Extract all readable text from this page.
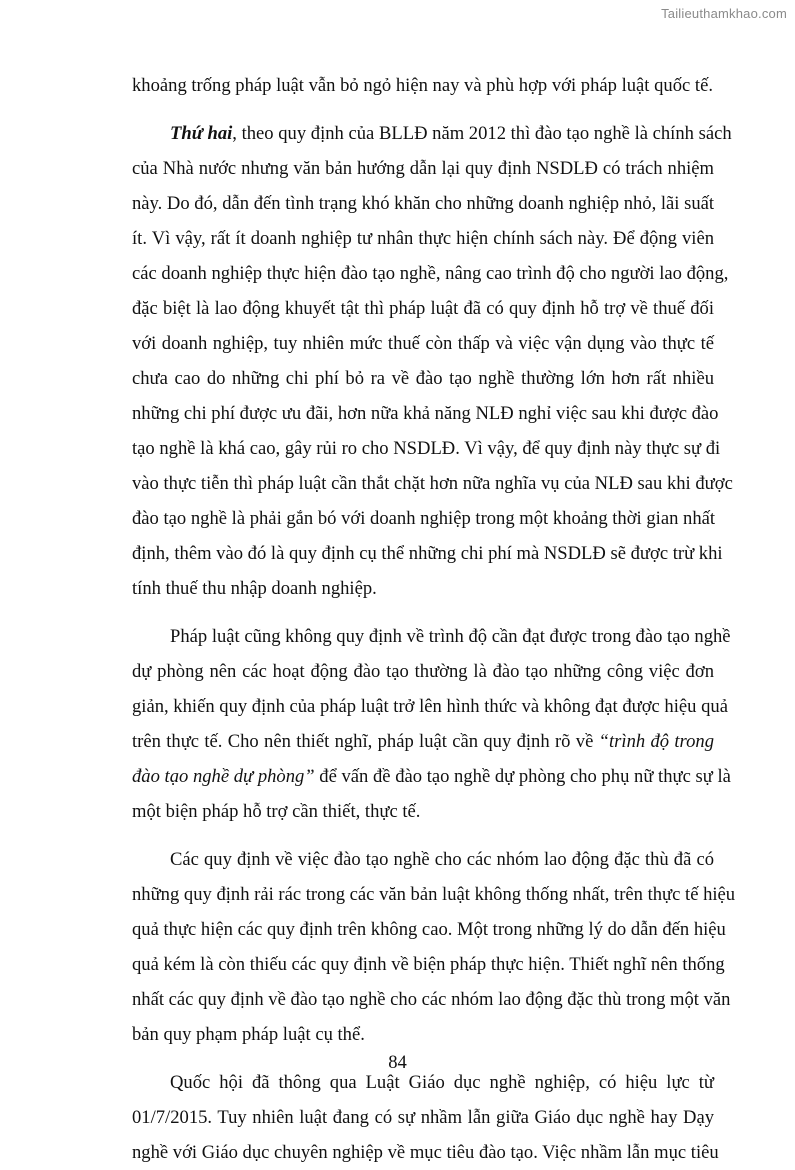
Tailieuthamkhao.com
khoảng trống pháp luật vẫn bỏ ngỏ hiện nay và phù hợp với pháp luật quốc tế.
Thứ hai, theo quy định của BLLĐ năm 2012 thì đào tạo nghề là chính sách
của Nhà nước nhưng văn bản hướng dẫn lại quy định NSDLĐ có trách nhiệm
này. Do đó, dẫn đến tình trạng khó khăn cho những doanh nghiệp nhỏ, lãi suất
ít. Vì vậy, rất ít doanh nghiệp tư nhân thực hiện chính sách này. Để động viên
các doanh nghiệp thực hiện đào tạo nghề, nâng cao trình độ cho người lao động,
đặc biệt là lao động khuyết tật thì pháp luật đã có quy định hỗ trợ về thuế đối
với doanh nghiệp, tuy nhiên mức thuế còn thấp và việc vận dụng vào thực tế
chưa cao do những chi phí bỏ ra về đào tạo nghề thường lớn hơn rất nhiều
những chi phí được ưu đãi, hơn nữa khả năng NLĐ nghỉ việc sau khi được đào
tạo nghề là khá cao, gây rủi ro cho NSDLĐ. Vì vậy, để quy định này thực sự đi
vào thực tiễn thì pháp luật cần thắt chặt hơn nữa nghĩa vụ của NLĐ sau khi được
đào tạo nghề là phải gắn bó với doanh nghiệp trong một khoảng thời gian nhất
định, thêm vào đó là quy định cụ thể những chi phí mà NSDLĐ sẽ được trừ khi
tính thuế thu nhập doanh nghiệp.
Pháp luật cũng không quy định về trình độ cần đạt được trong đào tạo nghề
dự phòng nên các hoạt động đào tạo thường là đào tạo những công việc đơn
giản, khiến quy định của pháp luật trở lên hình thức và không đạt được hiệu quả
trên thực tế. Cho nên thiết nghĩ, pháp luật cần quy định rõ về “trình độ trong
đào tạo nghề dự phòng” để vấn đề đào tạo nghề dự phòng cho phụ nữ thực sự là
một biện pháp hỗ trợ cần thiết, thực tế.
Các quy định về việc đào tạo nghề cho các nhóm lao động đặc thù đã có
những quy định rải rác trong các văn bản luật không thống nhất, trên thực tế hiệu
quả thực hiện các quy định trên không cao. Một trong những lý do dẫn đến hiệu
quả kém là còn thiếu các quy định về biện pháp thực hiện. Thiết nghĩ nên thống
nhất các quy định về đào tạo nghề cho các nhóm lao động đặc thù trong một văn
bản quy phạm pháp luật cụ thể.
Quốc hội đã thông qua Luật Giáo dục nghề nghiệp, có hiệu lực từ
01/7/2015. Tuy nhiên luật đang có sự nhầm lẫn giữa Giáo dục nghề hay Dạy
nghề với Giáo dục chuyên nghiệp về mục tiêu đào tạo. Việc nhầm lẫn mục tiêu
84
